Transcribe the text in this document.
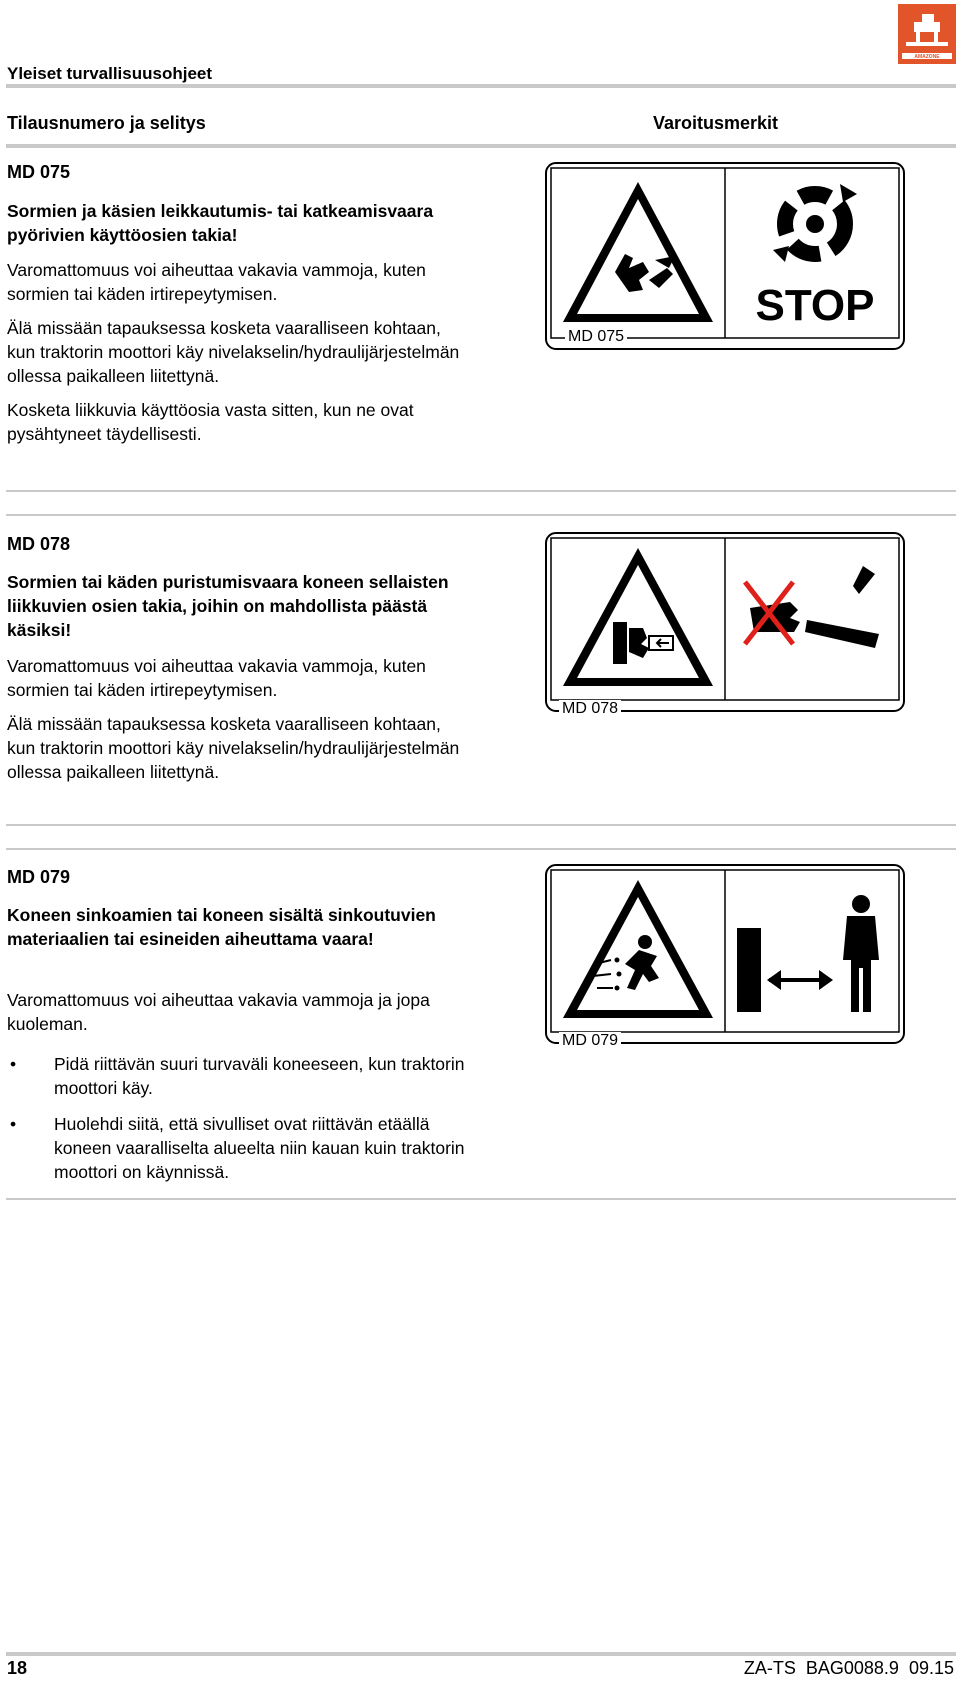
Yleiset turvallisuusohjeet
AMAZONE
Tilausnumero ja selitys	Varoitusmerkit
MD 075
Sormien ja käsien leikkautumis- tai katkeamisvaara pyörivien käyttöosien takia!

Varomattomuus voi aiheuttaa vakavia vammoja, kuten sormien tai käden irtirepeytymisen.

Älä missään tapauksessa kosketa vaaralliseen kohtaan, kun traktorin moottori käy nivelakselin/hydraulijärjestelmän ollessa paikalleen liitettynä.

Kosketa liikkuvia käyttöosia vasta sitten, kun ne ovat pysähtyneet täydellisesti.

STOP
MD 075
MD 078
Sormien tai käden puristumisvaara koneen sellaisten liikkuvien osien takia, joihin on mahdollista päästä käsiksi!

Varomattomuus voi aiheuttaa vakavia vammoja, kuten sormien tai käden irtirepeytymisen.

Älä missään tapauksessa kosketa vaaralliseen kohtaan, kun traktorin moottori käy nivelakselin/hydraulijärjestelmän ollessa paikalleen liitettynä.

MD 078
MD 079
Koneen sinkoamien tai koneen sisältä sinkoutuvien materiaalien tai esineiden aiheuttama vaara!

Varomattomuus voi aiheuttaa vakavia vammoja ja jopa kuoleman.

• Pidä riittävän suuri turvaväli koneeseen, kun traktorin moottori käy.
• Huolehdi siitä, että sivulliset ovat riittävän etäällä koneen vaaralliselta alueelta niin kauan kuin traktorin moottori on käynnissä.
MD 079
18	ZA-TS  BAG0088.9  09.15
